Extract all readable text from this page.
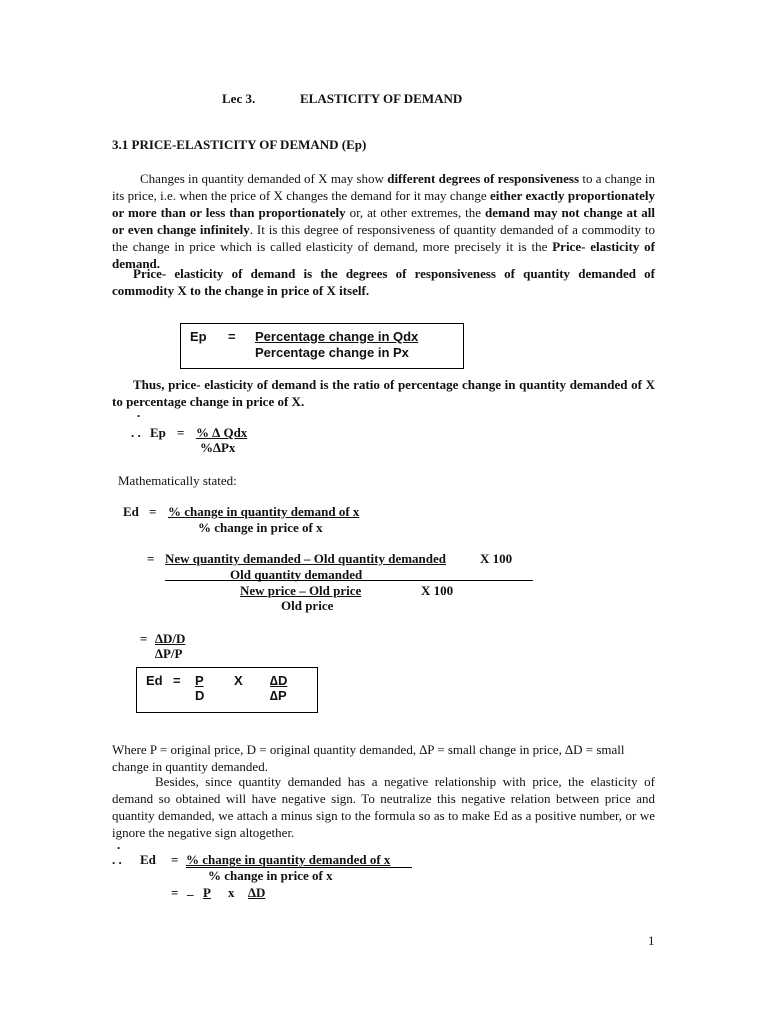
Lec 3.	ELASTICITY OF DEMAND
3.1 PRICE-ELASTICITY OF DEMAND (Ep)
Changes in quantity demanded of X may show different degrees of responsiveness to a change in its price, i.e. when the price of X changes the demand for it may change either exactly proportionately or more than or less than proportionately or, at other extremes, the demand may not change at all or even change infinitely. It is this degree of responsiveness of quantity demanded of a commodity to the change in price which is called elasticity of demand, more precisely it is the Price- elasticity of demand.
Price- elasticity of demand is the degrees of responsiveness of quantity demanded of commodity X to the change in price of X itself.
Ep = Percentage change in Qdx
Percentage change in Px
Thus, price- elasticity of demand is the ratio of percentage change in quantity demanded of X to percentage change in price of X.
.
. . Ep = % ∆ Qdx
%∆Px
Mathematically stated:
Ed = % change in quantity demand of x
% change in price of x
= New quantity demanded – Old quantity demanded	X 100
Old quantity demanded
New price – Old price	X 100
Old price
= ∆D/D
∆P/P
Ed = P
D
X ∆D
∆P
Where P = original price, D = original quantity demanded, ∆P = small change in price, ∆D = small change in quantity demanded.
Besides, since quantity demanded has a negative relationship with price, the elasticity of demand so obtained will have negative sign. To neutralize this negative relation between price and quantity demanded, we attach a minus sign to the formula so as to make Ed as a positive number, or we ignore the negative sign altogether.
.
. . Ed = % change in quantity demanded of x
% change in price of x
= _ P x ∆D
1
